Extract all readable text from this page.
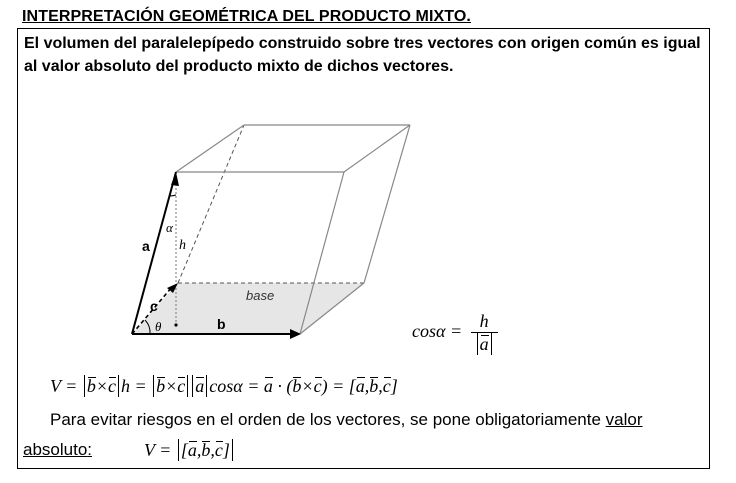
INTERPRETACIÓN GEOMÉTRICA DEL PRODUCTO MIXTO.

El volumen del paralelepípedo construido sobre tres vectores con origen común es igual al valor absoluto del producto mixto de dichos vectores.

a
b
c
h
α
θ
base
$\cos\alpha = \frac{h}{a}$
V = b×c h = b×c a cosα = a · (b×c) = [a,b,c]
Para evitar riesgos en el orden de los vectores, se pone obligatoriamente valor
absoluto:	V = [a,b,c]
